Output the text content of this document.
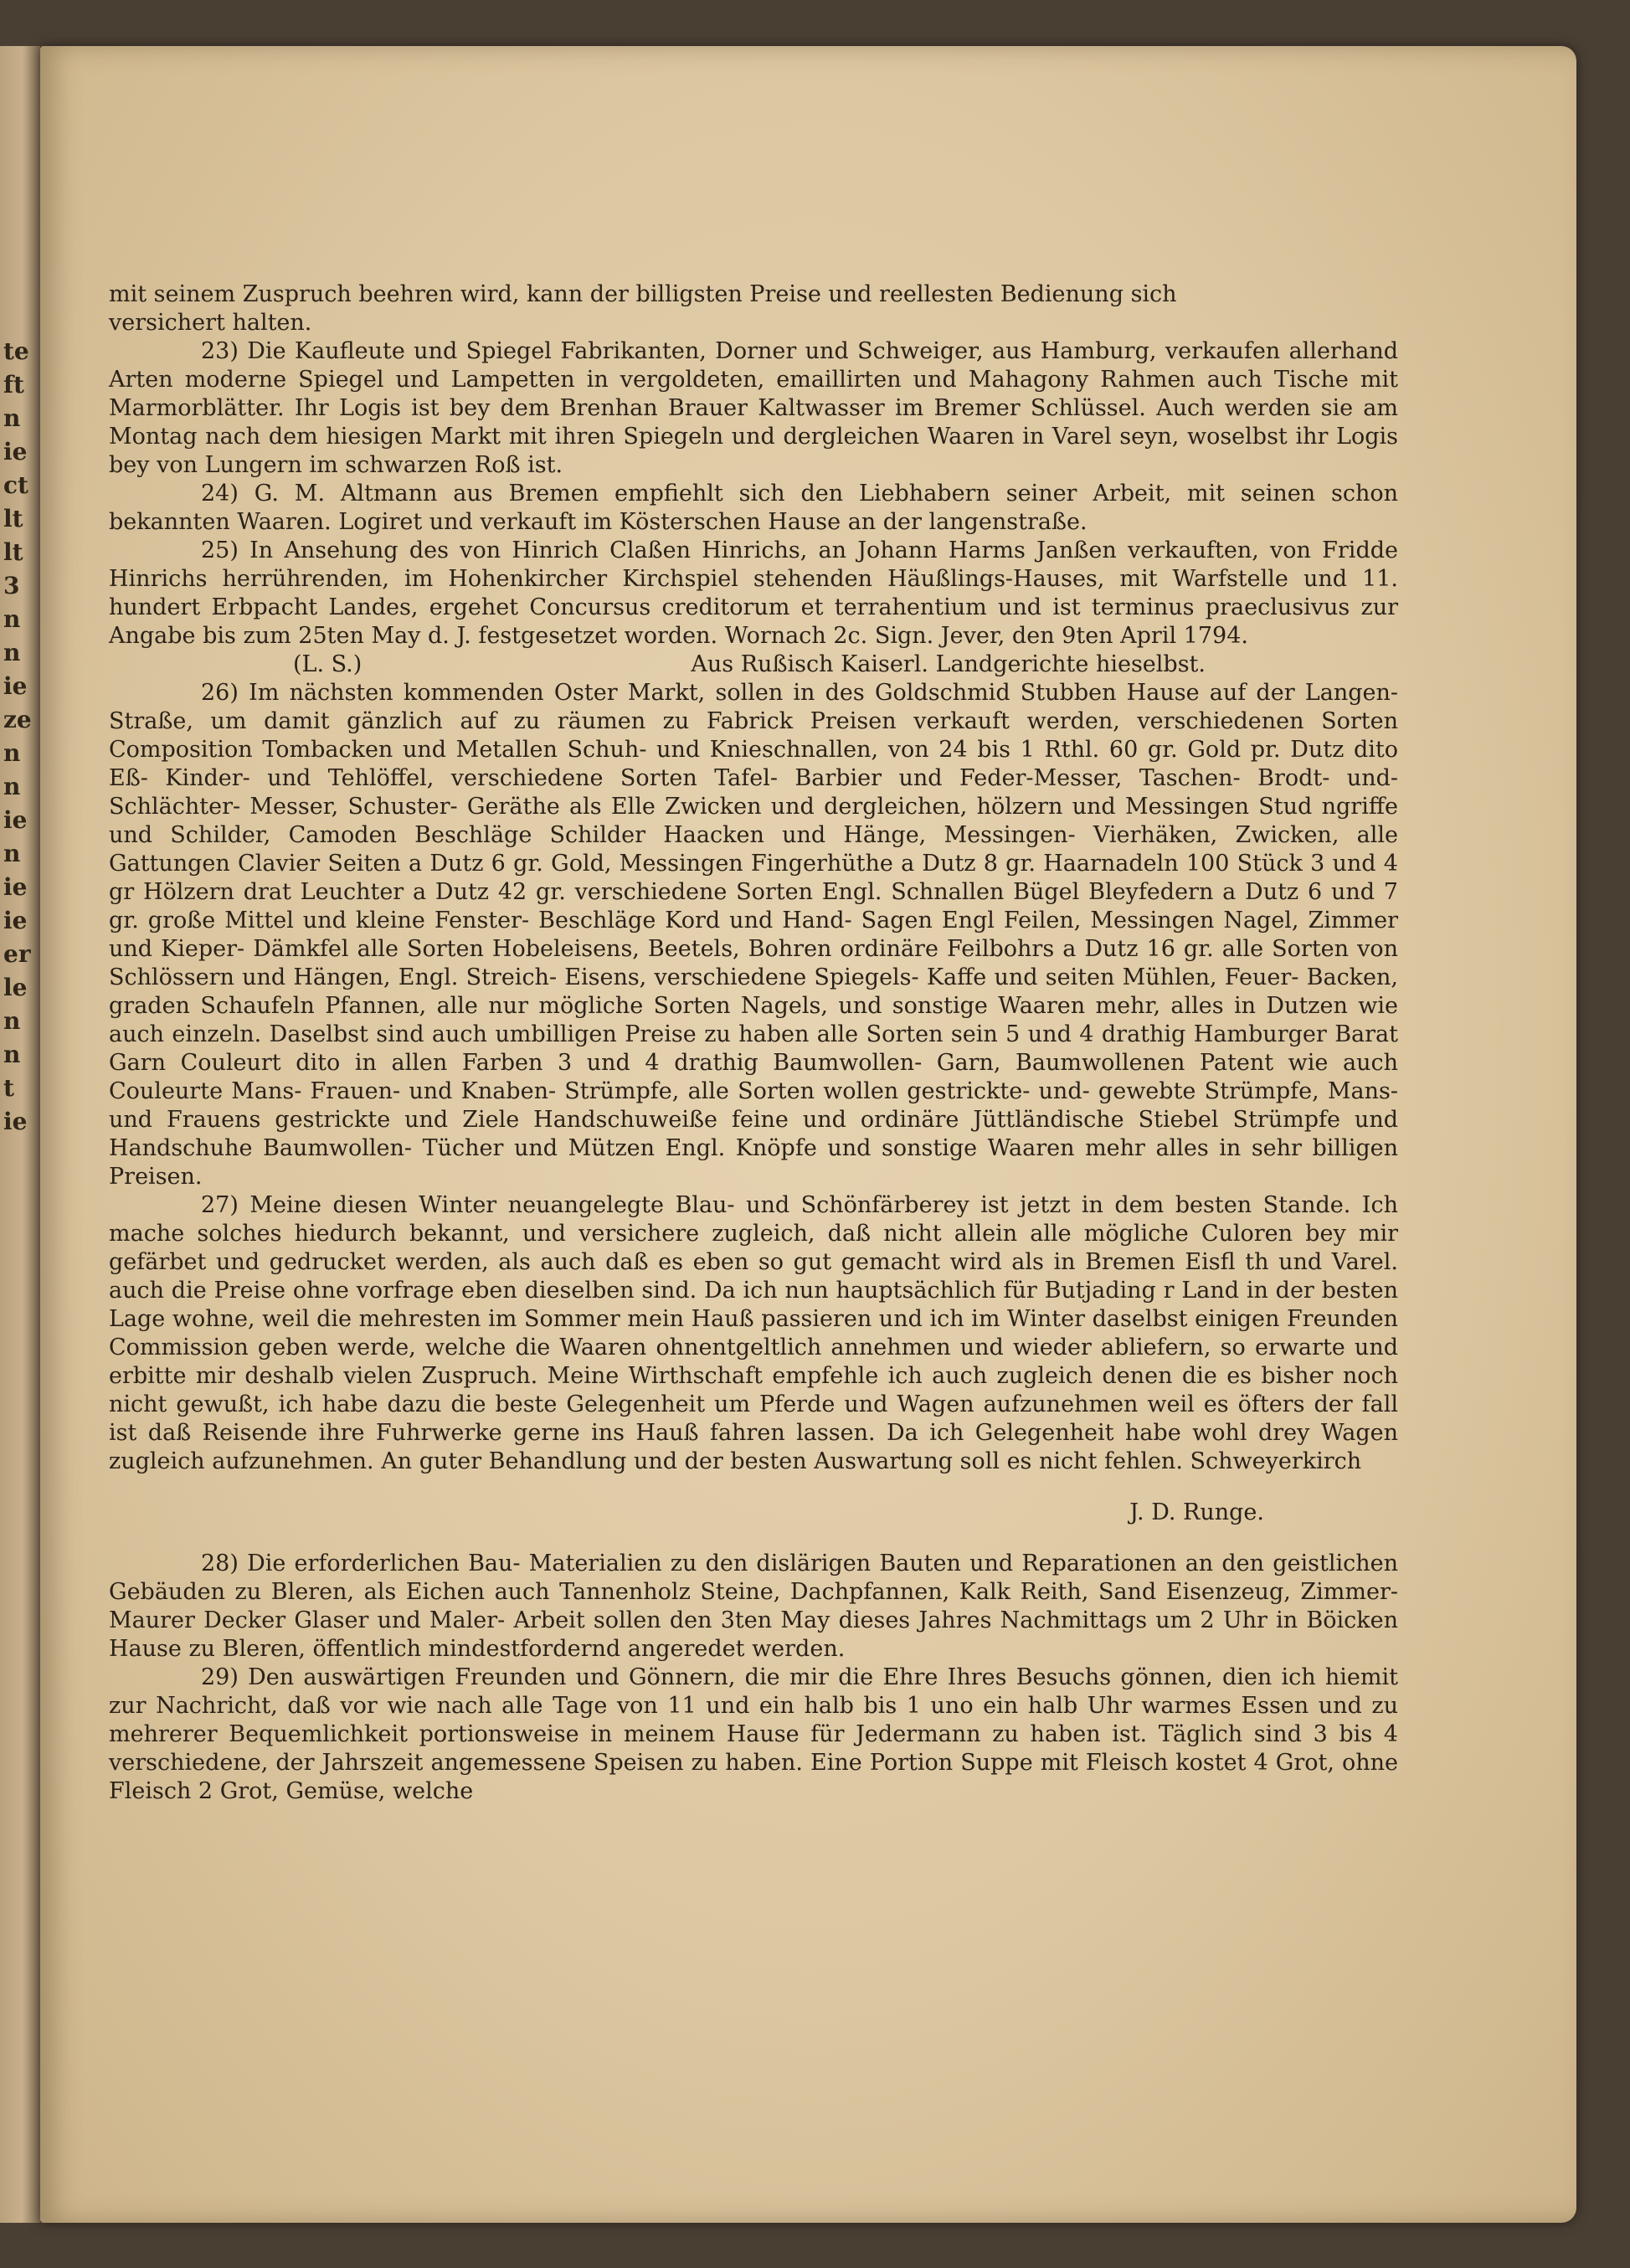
te
ft
n
ie
ct
lt
lt
3
n
n
ie
ze
n
n
ie
n
ie
ie
er
le
n
n
t
ie

mit seinem Zuspruch beehren wird, kann der billigsten Preise und reellesten Bedienung sich

versichert halten.

23) Die Kaufleute und Spiegel Fabrikanten, Dorner und Schweiger, aus Hamburg, verkaufen allerhand Arten moderne Spiegel und Lampetten in vergoldeten, emaillirten und Mahagony Rahmen auch Tische mit Marmorblätter. Ihr Logis ist bey dem Brenhan Brauer Kaltwasser im Bremer Schlüssel. Auch werden sie am Montag nach dem hiesigen Markt mit ihren Spiegeln und dergleichen Waaren in Varel seyn, woselbst ihr Logis bey von Lungern im schwarzen Roß ist.

24) G. M. Altmann aus Bremen empfiehlt sich den Liebhabern seiner Arbeit, mit seinen schon bekannten Waaren. Logiret und verkauft im Kösterschen Hause an der langenstraße.

25) In Ansehung des von Hinrich Claßen Hinrichs, an Johann Harms Janßen verkauften, von Fridde Hinrichs herrührenden, im Hohenkircher Kirchspiel stehenden Häußlings-Hauses, mit Warfstelle und 11. hundert Erbpacht Landes, ergehet Concursus creditorum et terrahentium und ist terminus praeclusivus zur Angabe bis zum 25ten May d. J. festgesetzet worden. Wornach 2c. Sign. Jever, den 9ten April 1794.

(L. S.)	Aus Rußisch Kaiserl. Landgerichte hieselbst.

26) Im nächsten kommenden Oster Markt, sollen in des Goldschmid Stubben Hause auf der Langen-Straße, um damit gänzlich auf zu räumen zu Fabrick Preisen verkauft werden, verschiedenen Sorten Composition Tombacken und Metallen Schuh- und Knieschnallen, von 24 bis 1 Rthl. 60 gr. Gold pr. Dutz dito Eß- Kinder- und Tehlöffel, verschiedene Sorten Tafel- Barbier und Feder-Messer, Taschen- Brodt- und- Schlächter- Messer, Schuster- Geräthe als Elle Zwicken und dergleichen, hölzern und Messingen Stud ngriffe und Schilder, Camoden Beschläge Schilder Haacken und Hänge, Messingen- Vierhäken, Zwicken, alle Gattungen Clavier Seiten a Dutz 6 gr. Gold, Messingen Fingerhüthe a Dutz 8 gr. Haarnadeln 100 Stück 3 und 4 gr Hölzern drat Leuchter a Dutz 42 gr. verschiedene Sorten Engl. Schnallen Bügel Bleyfedern a Dutz 6 und 7 gr. große Mittel und kleine Fenster- Beschläge Kord und Hand- Sagen Engl Feilen, Messingen Nagel, Zimmer und Kieper- Dämkfel alle Sorten Hobeleisens, Beetels, Bohren ordinäre Feilbohrs a Dutz 16 gr. alle Sorten von Schlössern und Hängen, Engl. Streich- Eisens, verschiedene Spiegels- Kaffe und seiten Mühlen, Feuer- Backen, graden Schaufeln Pfannen, alle nur mögliche Sorten Nagels, und sonstige Waaren mehr, alles in Dutzen wie auch einzeln. Daselbst sind auch umbilligen Preise zu haben alle Sorten sein 5 und 4 drathig Hamburger Barat Garn Couleurt dito in allen Farben 3 und 4 drathig Baumwollen- Garn, Baumwollenen Patent wie auch Couleurte Mans- Frauen- und Knaben- Strümpfe, alle Sorten wollen gestrickte- und- gewebte Strümpfe, Mans- und Frauens gestrickte und Ziele Handschuweiße feine und ordinäre Jüttländische Stiebel Strümpfe und Handschuhe Baumwollen- Tücher und Mützen Engl. Knöpfe und sonstige Waaren mehr alles in sehr billigen Preisen.

27) Meine diesen Winter neuangelegte Blau- und Schönfärberey ist jetzt in dem besten Stande. Ich mache solches hiedurch bekannt, und versichere zugleich, daß nicht allein alle mögliche Culoren bey mir gefärbet und gedrucket werden, als auch daß es eben so gut gemacht wird als in Bremen Eisfl th und Varel. auch die Preise ohne vorfrage eben dieselben sind. Da ich nun hauptsächlich für Butjading r Land in der besten Lage wohne, weil die mehresten im Sommer mein Hauß passieren und ich im Winter daselbst einigen Freunden Commission geben werde, welche die Waaren ohnentgeltlich annehmen und wieder abliefern, so erwarte und erbitte mir deshalb vielen Zuspruch. Meine Wirthschaft empfehle ich auch zugleich denen die es bisher noch nicht gewußt, ich habe dazu die beste Gelegenheit um Pferde und Wagen aufzunehmen weil es öfters der fall ist daß Reisende ihre Fuhrwerke gerne ins Hauß fahren lassen. Da ich Gelegenheit habe wohl drey Wagen zugleich aufzunehmen. An guter Behandlung und der besten Auswartung soll es nicht fehlen. Schweyerkirch

J. D. Runge.

28) Die erforderlichen Bau- Materialien zu den dislärigen Bauten und Reparationen an den geistlichen Gebäuden zu Bleren, als Eichen auch Tannenholz Steine, Dachpfannen, Kalk Reith, Sand Eisenzeug, Zimmer- Maurer Decker Glaser und Maler- Arbeit sollen den 3ten May dieses Jahres Nachmittags um 2 Uhr in Böicken Hause zu Bleren, öffentlich mindestfordernd angeredet werden.

29) Den auswärtigen Freunden und Gönnern, die mir die Ehre Ihres Besuchs gönnen, dien ich hiemit zur Nachricht, daß vor wie nach alle Tage von 11 und ein halb bis 1 uno ein halb Uhr warmes Essen und zu mehrerer Bequemlichkeit portionsweise in meinem Hause für Jedermann zu haben ist. Täglich sind 3 bis 4 verschiedene, der Jahrszeit angemessene Speisen zu haben. Eine Portion Suppe mit Fleisch kostet 4 Grot, ohne Fleisch 2 Grot, Gemüse, welche
